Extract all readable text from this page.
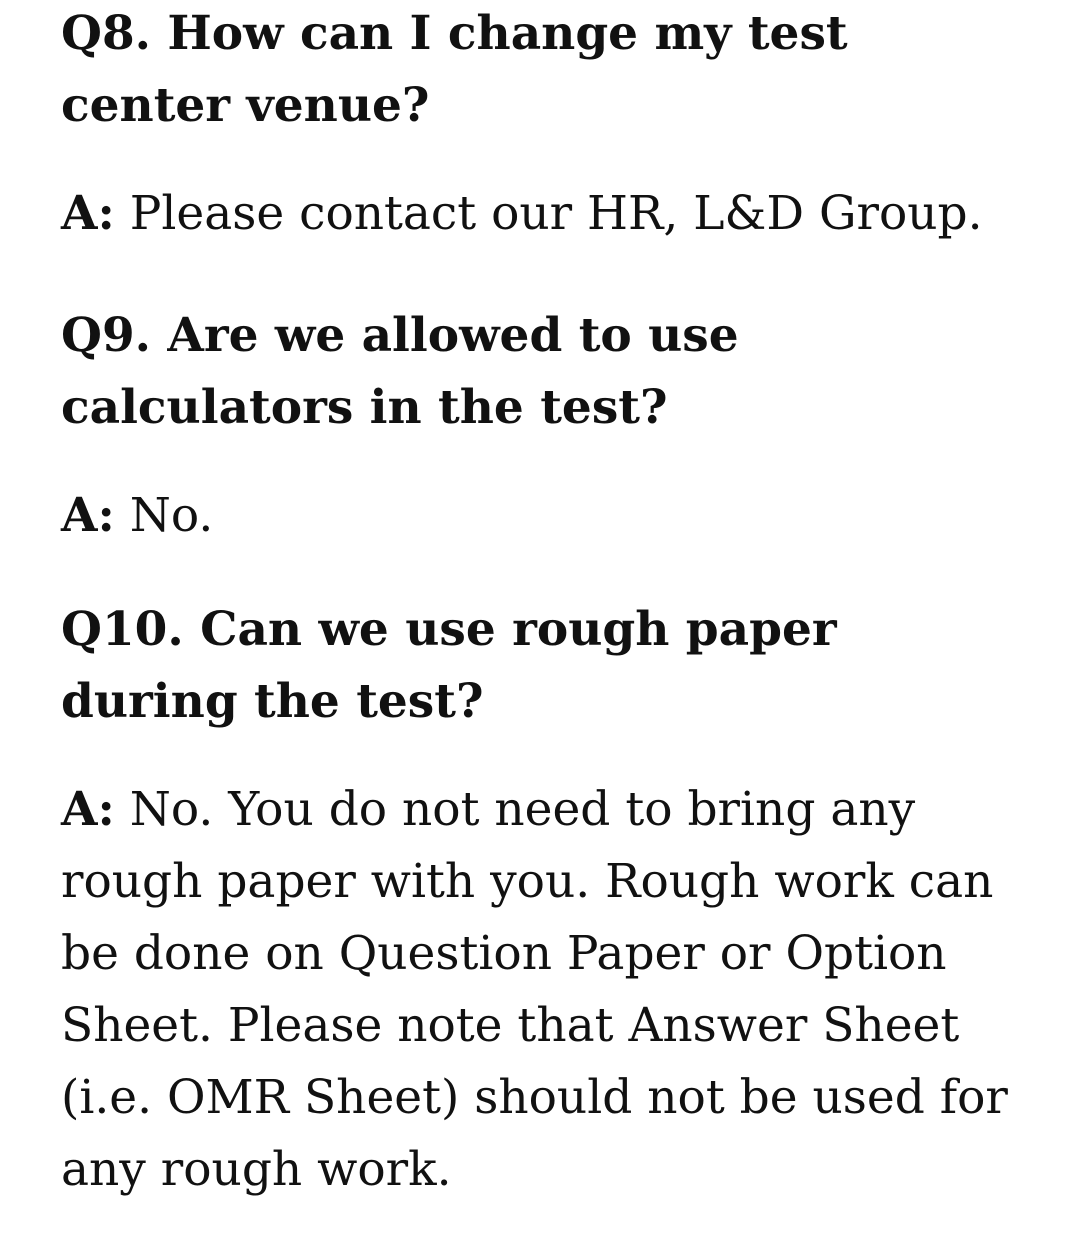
Q8. How can I change my test center venue?

A: Please contact our HR, L&D Group.

Q9. Are we allowed to use calculators in the test?

A: No.

Q10. Can we use rough paper during the test?

A: No. You do not need to bring any rough paper with you. Rough work can be done on Question Paper or Option Sheet. Please note that Answer Sheet (i.e. OMR Sheet) should not be used for any rough work.
